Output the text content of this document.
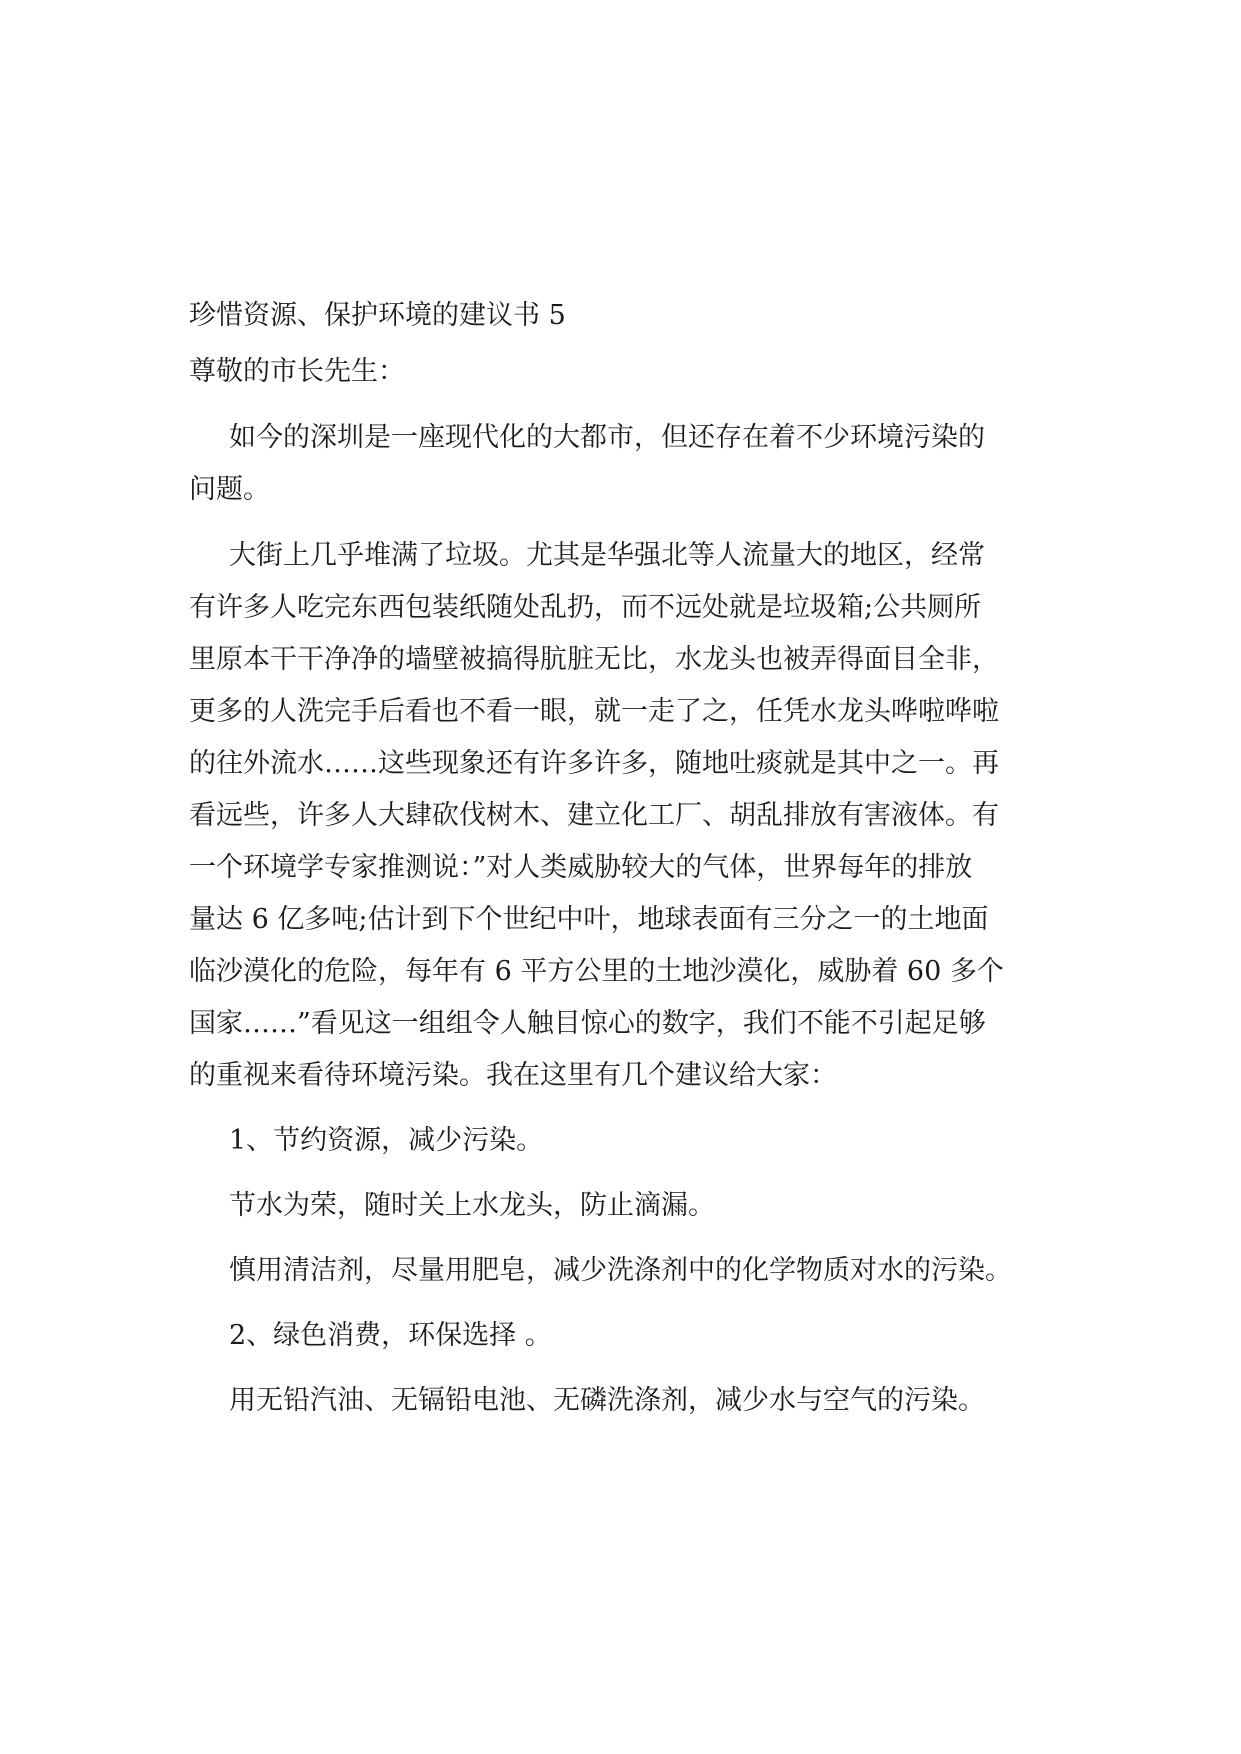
珍惜资源、保护环境的建议书 5

尊敬的市长先生：

如今的深圳是一座现代化的大都市，但还存在着不少环境污染的

问题。

大街上几乎堆满了垃圾。尤其是华强北等人流量大的地区，经常

有许多人吃完东西包装纸随处乱扔，而不远处就是垃圾箱;公共厕所

里原本干干净净的墙壁被搞得肮脏无比，水龙头也被弄得面目全非，

更多的人洗完手后看也不看一眼，就一走了之，任凭水龙头哗啦哗啦

的往外流水……这些现象还有许多许多，随地吐痰就是其中之一。再

看远些，许多人大肆砍伐树木、建立化工厂、胡乱排放有害液体。有

一个环境学专家推测说：”对人类威胁较大的气体，世界每年的排放

量达 6 亿多吨;估计到下个世纪中叶，地球表面有三分之一的土地面

临沙漠化的危险，每年有 6 平方公里的土地沙漠化，威胁着 60 多个

国家……”看见这一组组令人触目惊心的数字，我们不能不引起足够

的重视来看待环境污染。我在这里有几个建议给大家：

1、节约资源，减少污染。

节水为荣，随时关上水龙头，防止滴漏。

慎用清洁剂，尽量用肥皂，减少洗涤剂中的化学物质对水的污染。

2、绿色消费，环保选择 。

用无铅汽油、无镉铅电池、无磷洗涤剂，减少水与空气的污染。
